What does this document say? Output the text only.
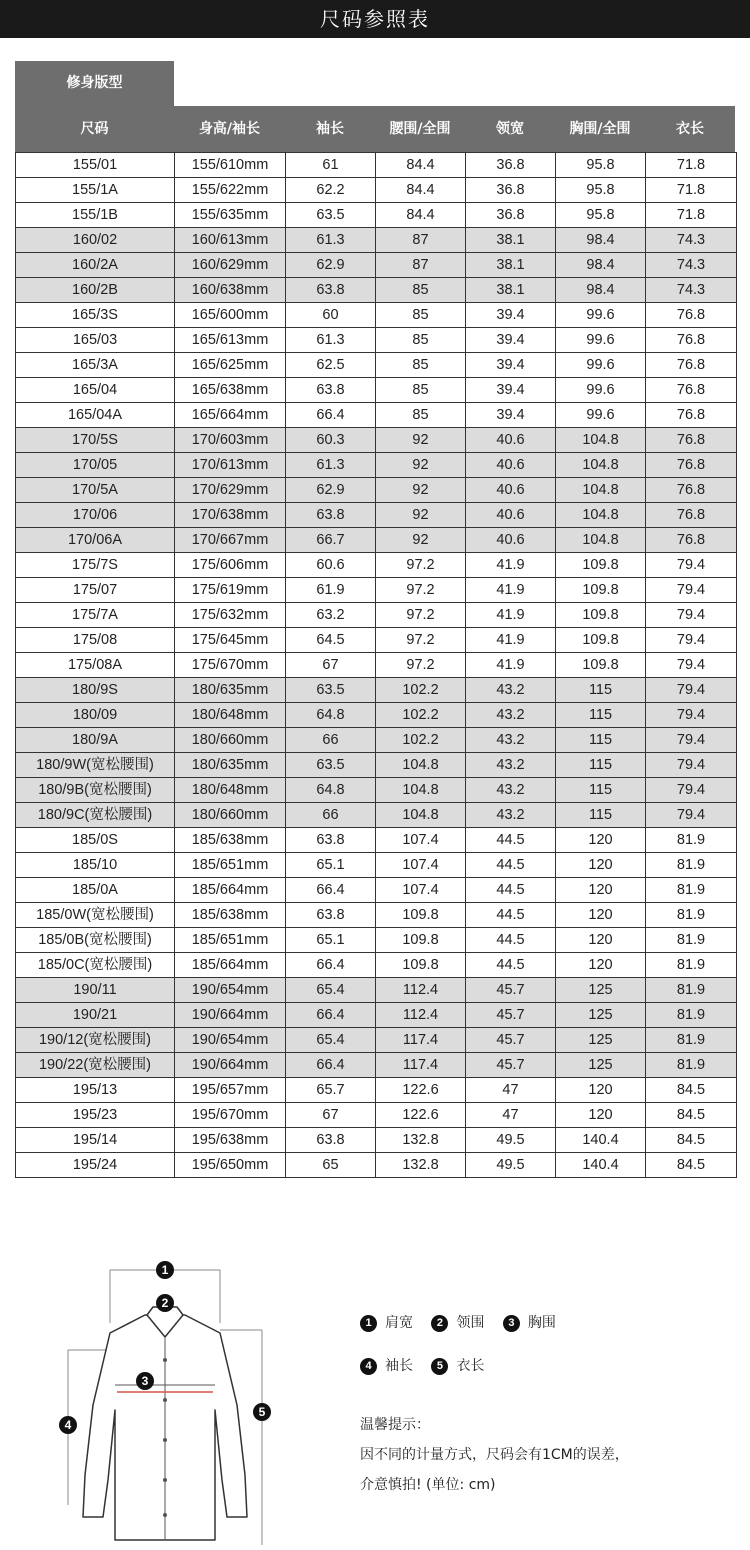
尺码参照表
修身版型
尺码	身高/袖长	袖长	腰围/全围	领宽	胸围/全围	衣长
155/01	155/610mm	61	84.4	36.8	95.8	71.8
155/1A	155/622mm	62.2	84.4	36.8	95.8	71.8
155/1B	155/635mm	63.5	84.4	36.8	95.8	71.8
160/02	160/613mm	61.3	87	38.1	98.4	74.3
160/2A	160/629mm	62.9	87	38.1	98.4	74.3
160/2B	160/638mm	63.8	85	38.1	98.4	74.3
165/3S	165/600mm	60	85	39.4	99.6	76.8
165/03	165/613mm	61.3	85	39.4	99.6	76.8
165/3A	165/625mm	62.5	85	39.4	99.6	76.8
165/04	165/638mm	63.8	85	39.4	99.6	76.8
165/04A	165/664mm	66.4	85	39.4	99.6	76.8
170/5S	170/603mm	60.3	92	40.6	104.8	76.8
170/05	170/613mm	61.3	92	40.6	104.8	76.8
170/5A	170/629mm	62.9	92	40.6	104.8	76.8
170/06	170/638mm	63.8	92	40.6	104.8	76.8
170/06A	170/667mm	66.7	92	40.6	104.8	76.8
175/7S	175/606mm	60.6	97.2	41.9	109.8	79.4
175/07	175/619mm	61.9	97.2	41.9	109.8	79.4
175/7A	175/632mm	63.2	97.2	41.9	109.8	79.4
175/08	175/645mm	64.5	97.2	41.9	109.8	79.4
175/08A	175/670mm	67	97.2	41.9	109.8	79.4
180/9S	180/635mm	63.5	102.2	43.2	115	79.4
180/09	180/648mm	64.8	102.2	43.2	115	79.4
180/9A	180/660mm	66	102.2	43.2	115	79.4
180/9W(宽松腰围)	180/635mm	63.5	104.8	43.2	115	79.4
180/9B(宽松腰围)	180/648mm	64.8	104.8	43.2	115	79.4
180/9C(宽松腰围)	180/660mm	66	104.8	43.2	115	79.4
185/0S	185/638mm	63.8	107.4	44.5	120	81.9
185/10	185/651mm	65.1	107.4	44.5	120	81.9
185/0A	185/664mm	66.4	107.4	44.5	120	81.9
185/0W(宽松腰围)	185/638mm	63.8	109.8	44.5	120	81.9
185/0B(宽松腰围)	185/651mm	65.1	109.8	44.5	120	81.9
185/0C(宽松腰围)	185/664mm	66.4	109.8	44.5	120	81.9
190/11	190/654mm	65.4	112.4	45.7	125	81.9
190/21	190/664mm	66.4	112.4	45.7	125	81.9
190/12(宽松腰围)	190/654mm	65.4	117.4	45.7	125	81.9
190/22(宽松腰围)	190/664mm	66.4	117.4	45.7	125	81.9
195/13	195/657mm	65.7	122.6	47	120	84.5
195/23	195/670mm	67	122.6	47	120	84.5
195/14	195/638mm	63.8	132.8	49.5	140.4	84.5
195/24	195/650mm	65	132.8	49.5	140.4	84.5
1
2
3
4
5
1 肩宽 2 领围 3 胸围
4 袖长 5 衣长
温馨提示：
因不同的计量方式，尺码会有1CM的误差，
介意慎拍! (单位: cm)
